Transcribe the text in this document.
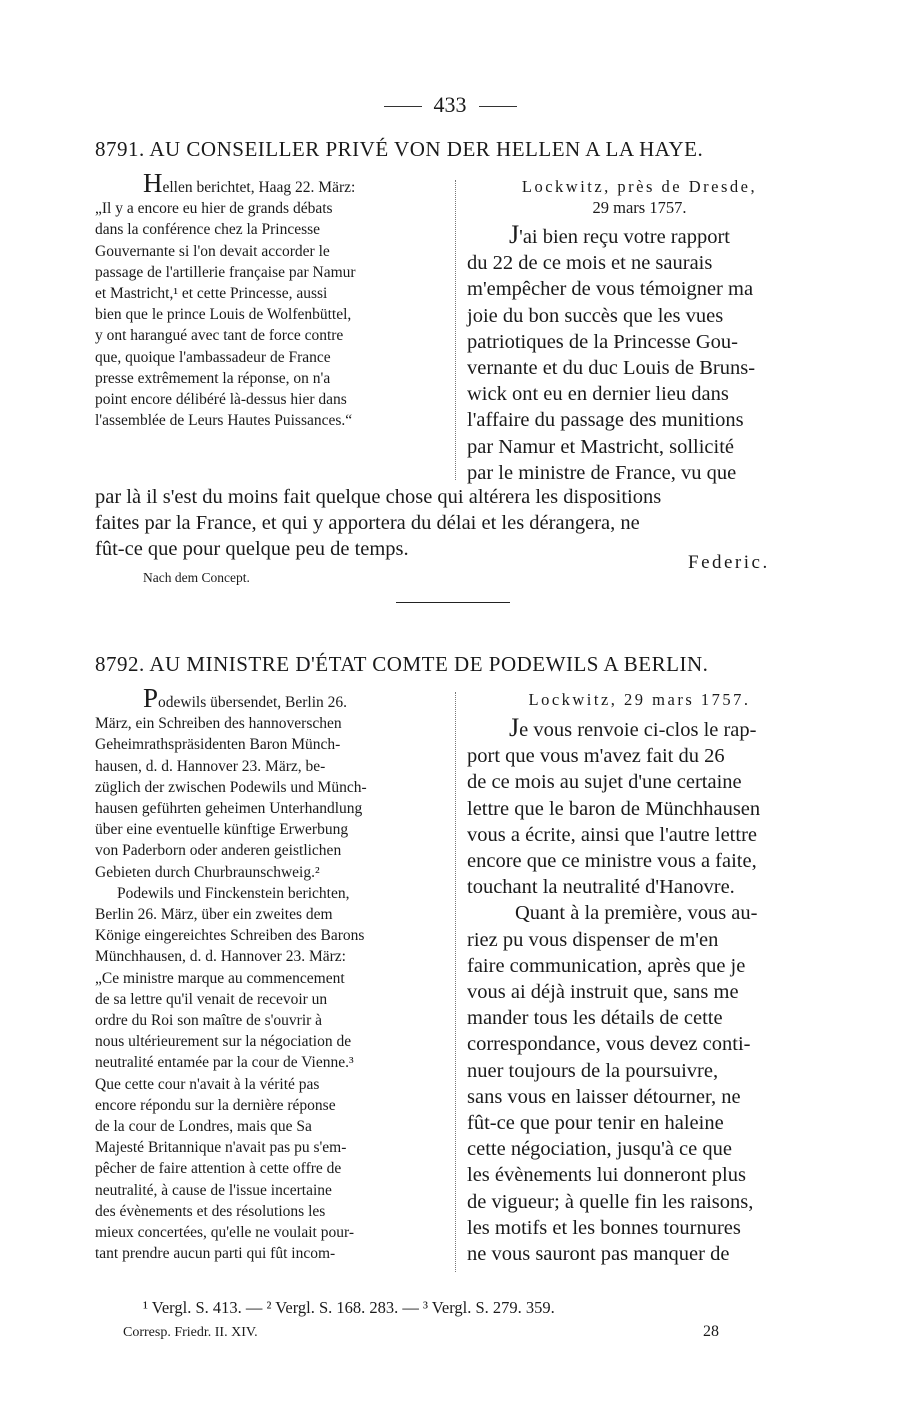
433
8791. AU CONSEILLER PRIVÉ VON DER HELLEN A LA HAYE.
Hellen berichtet, Haag 22. März:
„Il y a encore eu hier de grands débats
dans la conférence chez la Princesse
Gouvernante si l'on devait accorder le
passage de l'artillerie française par Namur
et Mastricht,¹ et cette Princesse, aussi
bien que le prince Louis de Wolfenbüttel,
y ont harangué avec tant de force contre
que, quoique l'ambassadeur de France
presse extrêmement la réponse, on n'a
point encore délibéré là-dessus hier dans
l'assemblée de Leurs Hautes Puissances.“
Lockwitz, près de Dresde,
29 mars 1757.
J'ai bien reçu votre rapport
du 22 de ce mois et ne saurais
m'empêcher de vous témoigner ma
joie du bon succès que les vues
patriotiques de la Princesse Gou-
vernante et du duc Louis de Bruns-
wick ont eu en dernier lieu dans
l'affaire du passage des munitions
par Namur et Mastricht, sollicité
par le ministre de France, vu que
par là il s'est du moins fait quelque chose qui altérera les dispositions
faites par la France, et qui y apportera du délai et les dérangera, ne
fût-ce que pour quelque peu de temps.
Federic.
Nach dem Concept.
8792. AU MINISTRE D'ÉTAT COMTE DE PODEWILS A BERLIN.
Podewils übersendet, Berlin 26.
März, ein Schreiben des hannoverschen
Geheimrathspräsidenten Baron Münch-
hausen, d. d. Hannover 23. März, be-
züglich der zwischen Podewils und Münch-
hausen geführten geheimen Unterhandlung
über eine eventuelle künftige Erwerbung
von Paderborn oder anderen geistlichen
Gebieten durch Churbraunschweig.²
Podewils und Finckenstein berichten,
Berlin 26. März, über ein zweites dem
Könige eingereichtes Schreiben des Barons
Münchhausen, d. d. Hannover 23. März:
„Ce ministre marque au commencement
de sa lettre qu'il venait de recevoir un
ordre du Roi son maître de s'ouvrir à
nous ultérieurement sur la négociation de
neutralité entamée par la cour de Vienne.³
Que cette cour n'avait à la vérité pas
encore répondu sur la dernière réponse
de la cour de Londres, mais que Sa
Majesté Britannique n'avait pas pu s'em-
pêcher de faire attention à cette offre de
neutralité, à cause de l'issue incertaine
des évènements et des résolutions les
mieux concertées, qu'elle ne voulait pour-
tant prendre aucun parti qui fût incom-
Lockwitz, 29 mars 1757.
Je vous renvoie ci-clos le rap-
port que vous m'avez fait du 26
de ce mois au sujet d'une certaine
lettre que le baron de Münchhausen
vous a écrite, ainsi que l'autre lettre
encore que ce ministre vous a faite,
touchant la neutralité d'Hanovre.
Quant à la première, vous au-
riez pu vous dispenser de m'en
faire communication, après que je
vous ai déjà instruit que, sans me
mander tous les détails de cette
correspondance, vous devez conti-
nuer toujours de la poursuivre,
sans vous en laisser détourner, ne
fût-ce que pour tenir en haleine
cette négociation, jusqu'à ce que
les évènements lui donneront plus
de vigueur; à quelle fin les raisons,
les motifs et les bonnes tournures
ne vous sauront pas manquer de
¹ Vergl. S. 413. — ² Vergl. S. 168. 283. — ³ Vergl. S. 279. 359.
Corresp. Friedr. II. XIV.	28
